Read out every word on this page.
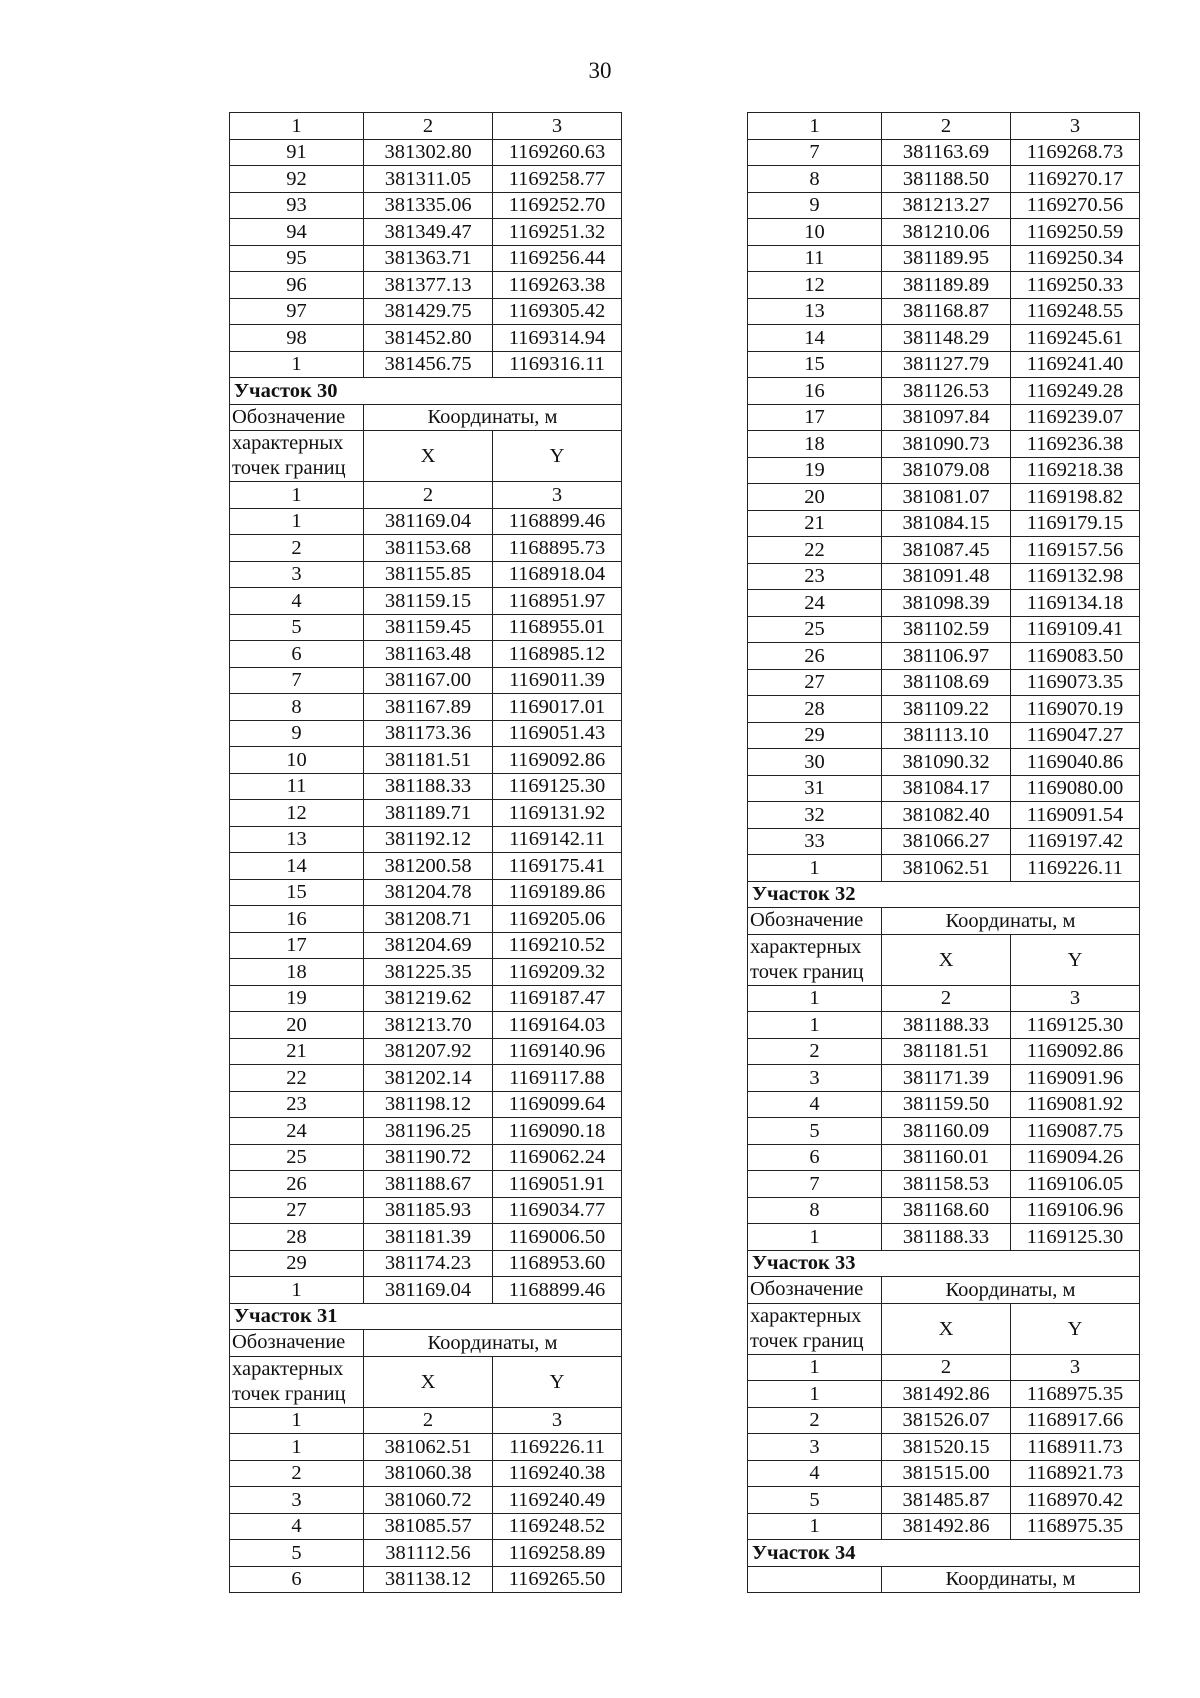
30
1	2	3
91	381302.80	1169260.63
92	381311.05	1169258.77
93	381335.06	1169252.70
94	381349.47	1169251.32
95	381363.71	1169256.44
96	381377.13	1169263.38
97	381429.75	1169305.42
98	381452.80	1169314.94
1	381456.75	1169316.11
Участок 30		
Обозначение	Координаты, м	

характерных
точек границ	X	Y
1	2	3
1	381169.04	1168899.46
2	381153.68	1168895.73
3	381155.85	1168918.04
4	381159.15	1168951.97
5	381159.45	1168955.01
6	381163.48	1168985.12
7	381167.00	1169011.39
8	381167.89	1169017.01
9	381173.36	1169051.43
10	381181.51	1169092.86
11	381188.33	1169125.30
12	381189.71	1169131.92
13	381192.12	1169142.11
14	381200.58	1169175.41
15	381204.78	1169189.86
16	381208.71	1169205.06
17	381204.69	1169210.52
18	381225.35	1169209.32
19	381219.62	1169187.47
20	381213.70	1169164.03
21	381207.92	1169140.96
22	381202.14	1169117.88
23	381198.12	1169099.64
24	381196.25	1169090.18
25	381190.72	1169062.24
26	381188.67	1169051.91
27	381185.93	1169034.77
28	381181.39	1169006.50
29	381174.23	1168953.60
1	381169.04	1168899.46
Участок 31		
Обозначение	Координаты, м	

характерных
точек границ	X	Y
1	2	3
1	381062.51	1169226.11
2	381060.38	1169240.38
3	381060.72	1169240.49
4	381085.57	1169248.52
5	381112.56	1169258.89
6	381138.12	1169265.50
1	2	3
7	381163.69	1169268.73
8	381188.50	1169270.17
9	381213.27	1169270.56
10	381210.06	1169250.59
11	381189.95	1169250.34
12	381189.89	1169250.33
13	381168.87	1169248.55
14	381148.29	1169245.61
15	381127.79	1169241.40
16	381126.53	1169249.28
17	381097.84	1169239.07
18	381090.73	1169236.38
19	381079.08	1169218.38
20	381081.07	1169198.82
21	381084.15	1169179.15
22	381087.45	1169157.56
23	381091.48	1169132.98
24	381098.39	1169134.18
25	381102.59	1169109.41
26	381106.97	1169083.50
27	381108.69	1169073.35
28	381109.22	1169070.19
29	381113.10	1169047.27
30	381090.32	1169040.86
31	381084.17	1169080.00
32	381082.40	1169091.54
33	381066.27	1169197.42
1	381062.51	1169226.11
Участок 32		
Обозначение	Координаты, м	

характерных
точек границ	X	Y
1	2	3
1	381188.33	1169125.30
2	381181.51	1169092.86
3	381171.39	1169091.96
4	381159.50	1169081.92
5	381160.09	1169087.75
6	381160.01	1169094.26
7	381158.53	1169106.05
8	381168.60	1169106.96
1	381188.33	1169125.30
Участок 33		
Обозначение	Координаты, м	

характерных
точек границ	X	Y
1	2	3
1	381492.86	1168975.35
2	381526.07	1168917.66
3	381520.15	1168911.73
4	381515.00	1168921.73
5	381485.87	1168970.42
1	381492.86	1168975.35
Участок 34		
	Координаты, м	
